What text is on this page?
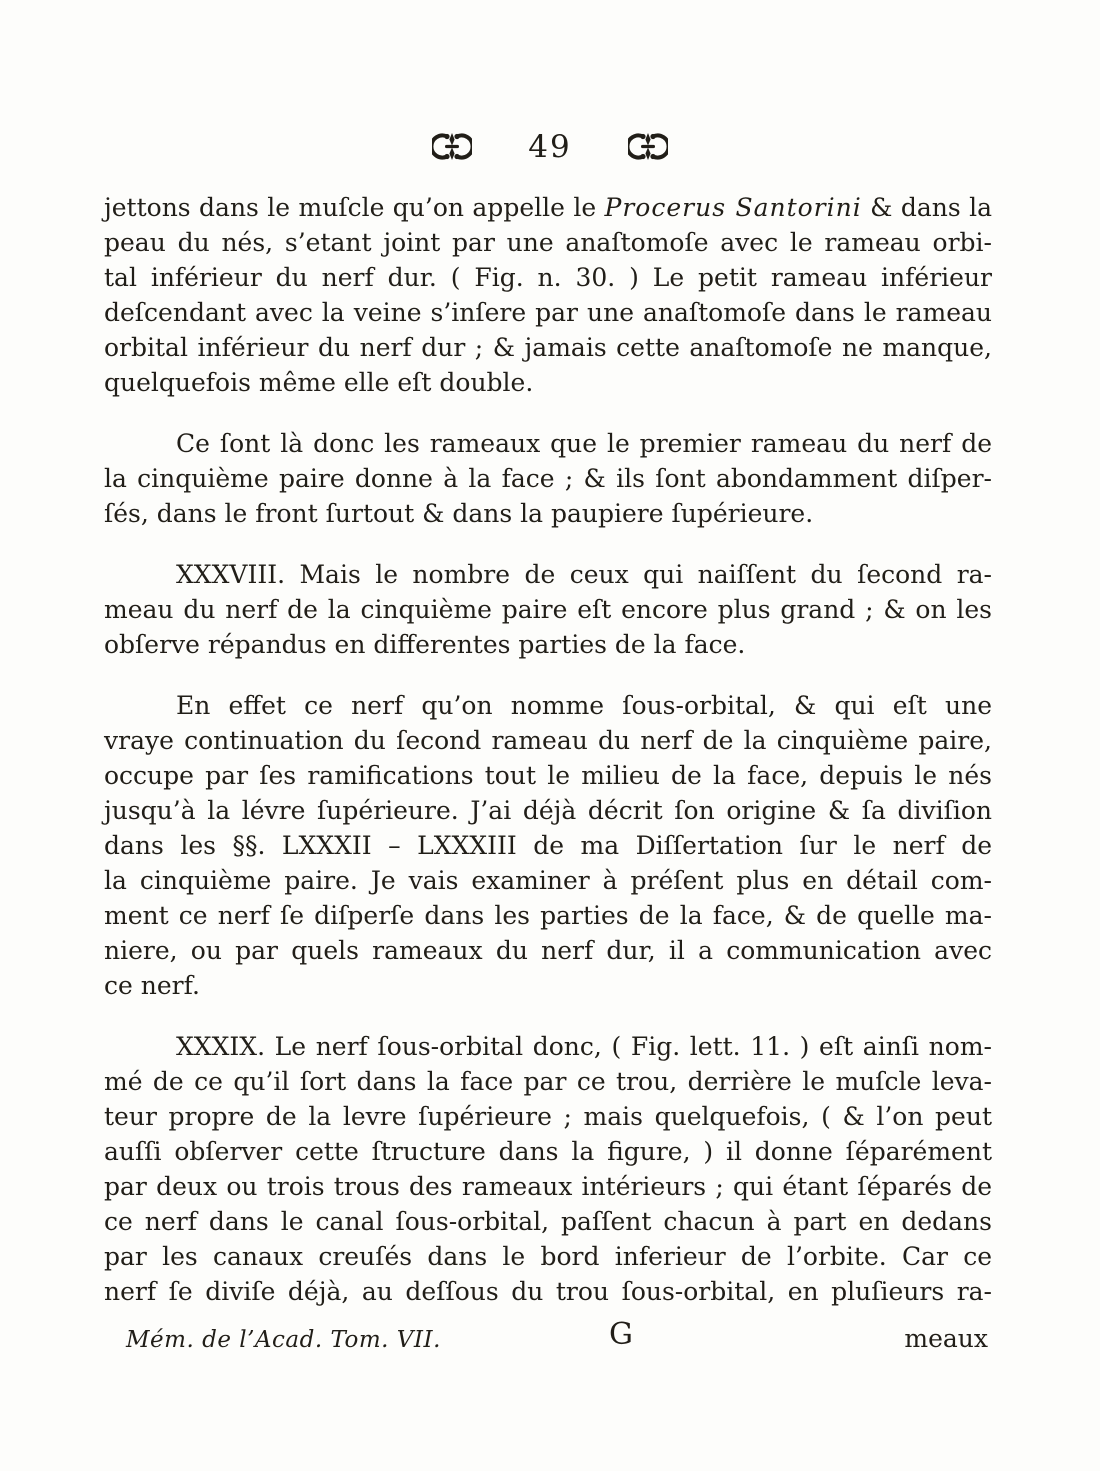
49

jettons dans le muſcle qu’on appelle le Procerus Santorini & dans la
peau du nés, s’etant joint par une anaſtomoſe avec le rameau orbi-
tal inférieur du nerf dur. ( Fig. n. 30. ) Le petit rameau inférieur
deſcendant avec la veine s’inſere par une anaſtomoſe dans le rameau
orbital inférieur du nerf dur ; & jamais cette anaſtomoſe ne manque,
quelquefois même elle eſt double.

Ce ſont là donc les rameaux que le premier rameau du nerf de
la cinquième paire donne à la face ; & ils ſont abondamment diſper-
ſés, dans le front ſurtout & dans la paupiere ſupérieure.

XXXVIII. Mais le nombre de ceux qui naiſſent du ſecond ra-
meau du nerf de la cinquième paire eſt encore plus grand ; & on les
obſerve répandus en differentes parties de la face.

En effet ce nerf qu’on nomme ſous-orbital, & qui eſt une
vraye continuation du ſecond rameau du nerf de la cinquième paire,
occupe par ſes ramifications tout le milieu de la face, depuis le nés
jusqu’à la lévre ſupérieure. J’ai déjà décrit ſon origine & ſa diviſion
dans les §§. LXXXII – LXXXIII de ma Diſſertation ſur le nerf de
la cinquième paire. Je vais examiner à préſent plus en détail com-
ment ce nerf ſe diſperſe dans les parties de la face, & de quelle ma-
niere, ou par quels rameaux du nerf dur, il a communication avec
ce nerf.

XXXIX. Le nerf ſous-orbital donc, ( Fig. lett. 11. ) eſt ainſi nom-
mé de ce qu’il ſort dans la face par ce trou, derrière le muſcle leva-
teur propre de la levre ſupérieure ; mais quelquefois, ( & l’on peut
auſſi obſerver cette ſtructure dans la figure, ) il donne ſéparément
par deux ou trois trous des rameaux intérieurs ; qui étant ſéparés de
ce nerf dans le canal ſous-orbital, paſſent chacun à part en dedans
par les canaux creuſés dans le bord inferieur de l’orbite. Car ce
nerf ſe diviſe déjà, au deſſous du trou ſous-orbital, en pluſieurs ra-

Mém. de l’Acad. Tom. VII.	G	meaux
